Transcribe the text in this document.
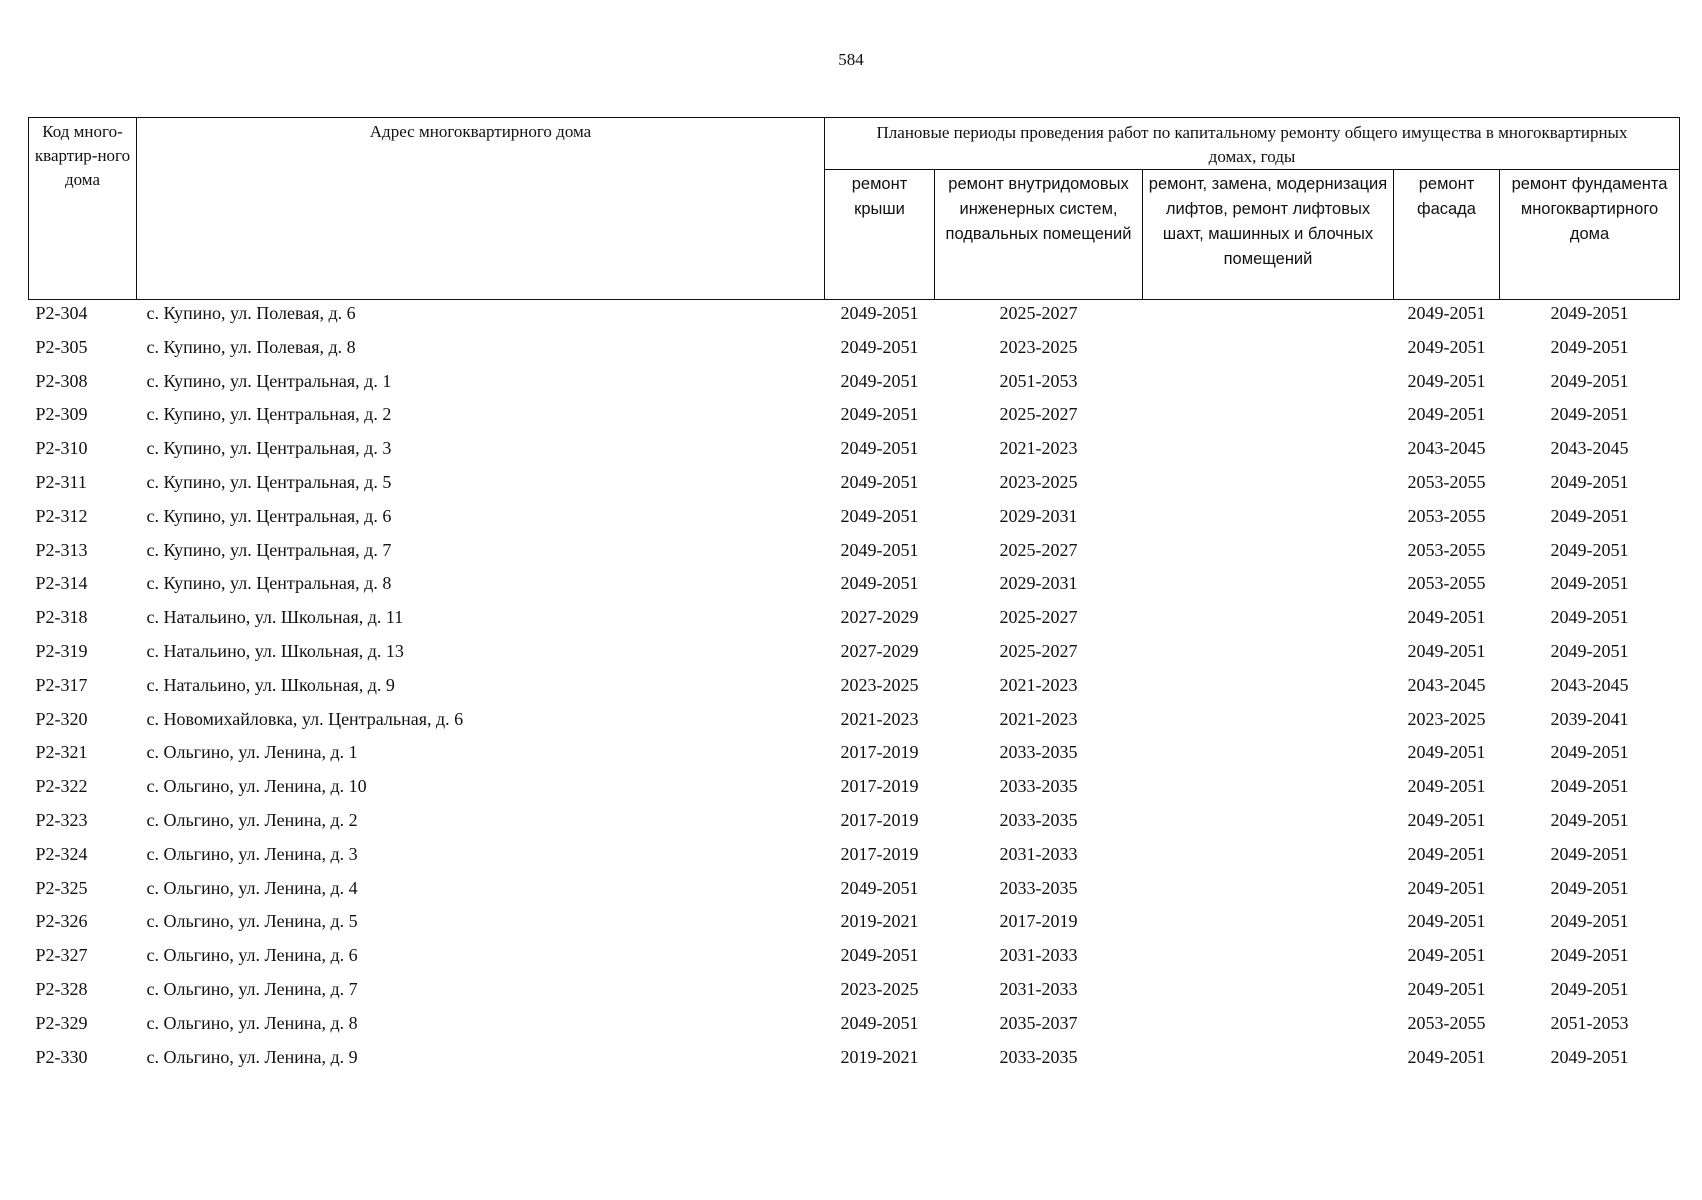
584
Код много-квартир-ного дома	Адрес многоквартирного дома	Плановые периоды проведения работ по капитальному ремонту общего имущества в многоквартирных домах, годы				
		ремонт крыши	ремонт внутридомовых инженерных систем, подвальных помещений	ремонт, замена, модернизация лифтов, ремонт лифтовых шахт, машинных и блочных помещений	ремонт фасада	ремонт фундамента многоквартирного дома
Р2-304	с. Купино, ул. Полевая, д. 6	2049-2051	2025-2027		2049-2051	2049-2051
Р2-305	с. Купино, ул. Полевая, д. 8	2049-2051	2023-2025		2049-2051	2049-2051
Р2-308	с. Купино, ул. Центральная, д. 1	2049-2051	2051-2053		2049-2051	2049-2051
Р2-309	с. Купино, ул. Центральная, д. 2	2049-2051	2025-2027		2049-2051	2049-2051
Р2-310	с. Купино, ул. Центральная, д. 3	2049-2051	2021-2023		2043-2045	2043-2045
Р2-311	с. Купино, ул. Центральная, д. 5	2049-2051	2023-2025		2053-2055	2049-2051
Р2-312	с. Купино, ул. Центральная, д. 6	2049-2051	2029-2031		2053-2055	2049-2051
Р2-313	с. Купино, ул. Центральная, д. 7	2049-2051	2025-2027		2053-2055	2049-2051
Р2-314	с. Купино, ул. Центральная, д. 8	2049-2051	2029-2031		2053-2055	2049-2051
Р2-318	с. Натальино, ул. Школьная, д. 11	2027-2029	2025-2027		2049-2051	2049-2051
Р2-319	с. Натальино, ул. Школьная, д. 13	2027-2029	2025-2027		2049-2051	2049-2051
Р2-317	с. Натальино, ул. Школьная, д. 9	2023-2025	2021-2023		2043-2045	2043-2045
Р2-320	с. Новомихайловка, ул. Центральная, д. 6	2021-2023	2021-2023		2023-2025	2039-2041
Р2-321	с. Ольгино, ул. Ленина, д. 1	2017-2019	2033-2035		2049-2051	2049-2051
Р2-322	с. Ольгино, ул. Ленина, д. 10	2017-2019	2033-2035		2049-2051	2049-2051
Р2-323	с. Ольгино, ул. Ленина, д. 2	2017-2019	2033-2035		2049-2051	2049-2051
Р2-324	с. Ольгино, ул. Ленина, д. 3	2017-2019	2031-2033		2049-2051	2049-2051
Р2-325	с. Ольгино, ул. Ленина, д. 4	2049-2051	2033-2035		2049-2051	2049-2051
Р2-326	с. Ольгино, ул. Ленина, д. 5	2019-2021	2017-2019		2049-2051	2049-2051
Р2-327	с. Ольгино, ул. Ленина, д. 6	2049-2051	2031-2033		2049-2051	2049-2051
Р2-328	с. Ольгино, ул. Ленина, д. 7	2023-2025	2031-2033		2049-2051	2049-2051
Р2-329	с. Ольгино, ул. Ленина, д. 8	2049-2051	2035-2037		2053-2055	2051-2053
Р2-330	с. Ольгино, ул. Ленина, д. 9	2019-2021	2033-2035		2049-2051	2049-2051
